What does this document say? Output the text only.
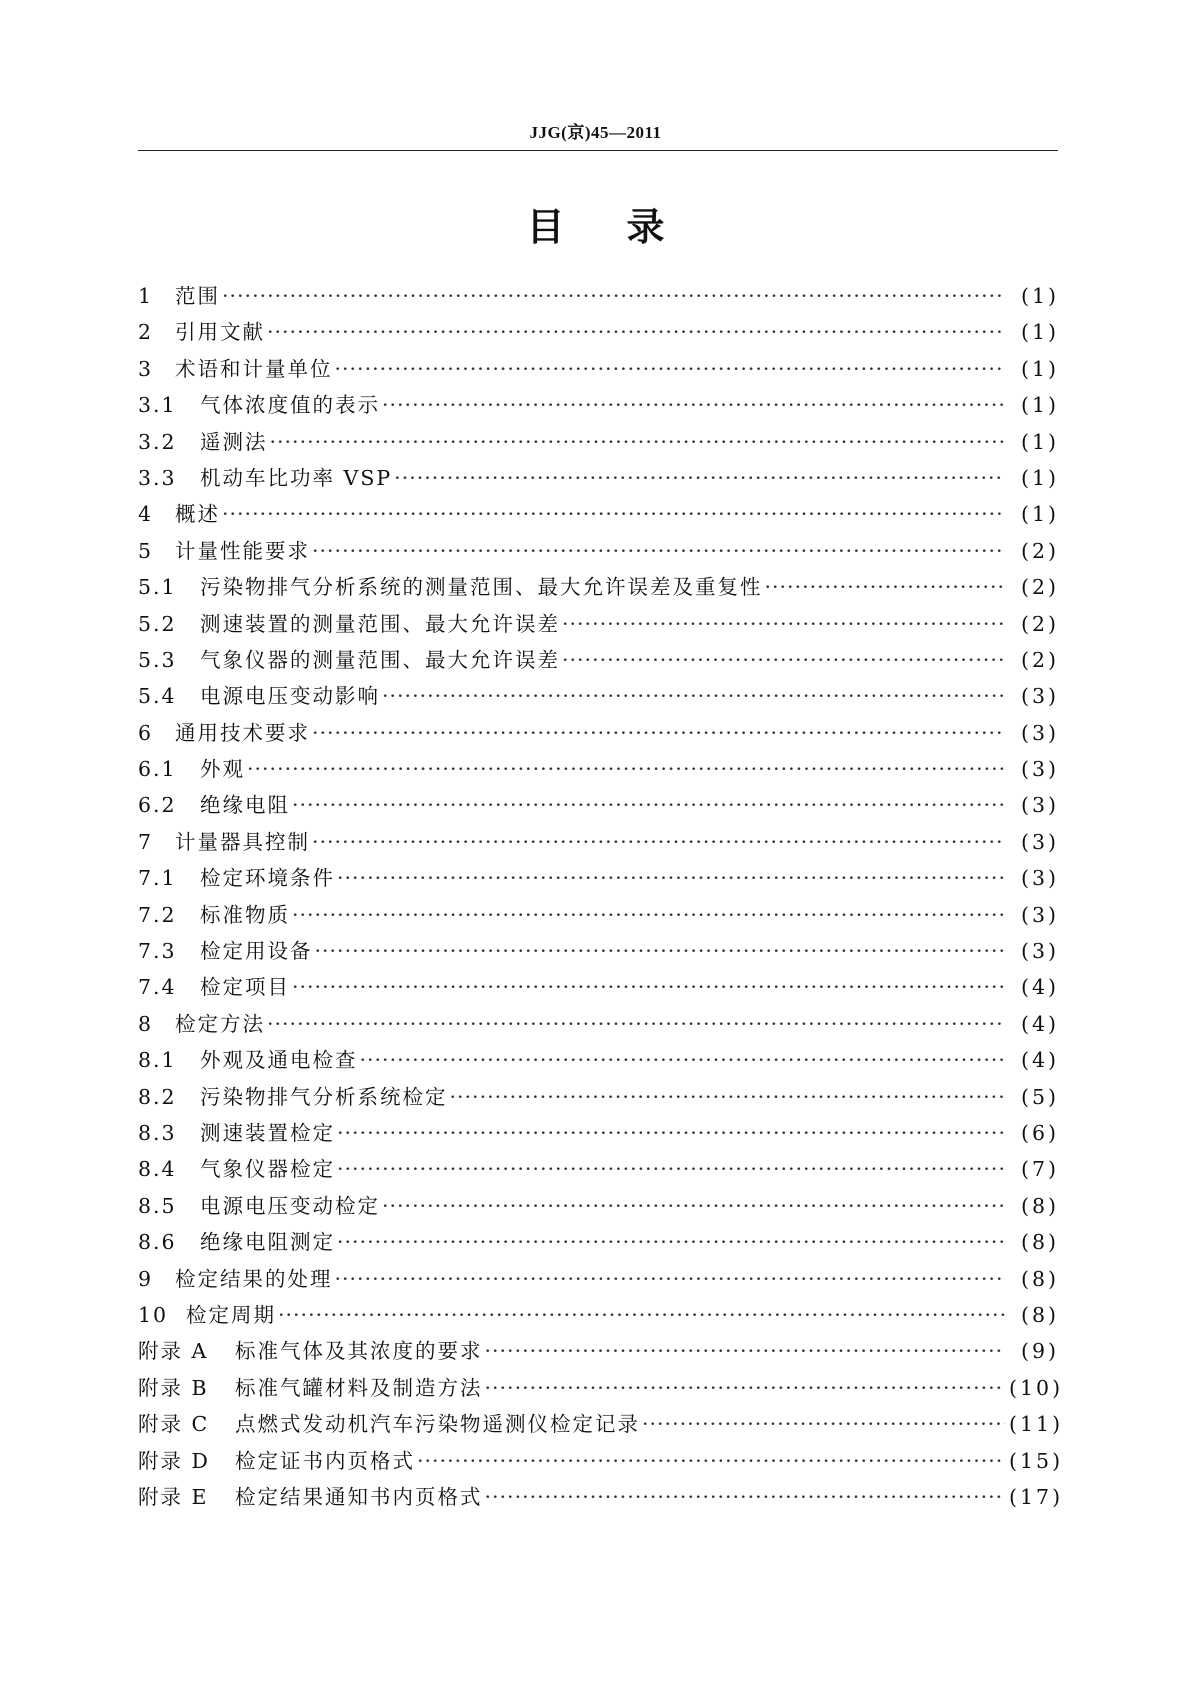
JJG(京)45—2011
目录
1	范围 ·····	(1)
2	引用文献 ·····	(1)
3	术语和计量单位 ·····	(1)
3.1	气体浓度值的表示 ·····	(1)
3.2	遥测法 ·····	(1)
3.3	机动车比功率 VSP ·····	(1)
4	概述 ·····	(1)
5	计量性能要求 ·····	(2)
5.1	污染物排气分析系统的测量范围、最大允许误差及重复性 ·····	(2)
5.2	测速装置的测量范围、最大允许误差 ·····	(2)
5.3	气象仪器的测量范围、最大允许误差 ·····	(2)
5.4	电源电压变动影响 ·····	(3)
6	通用技术要求 ·····	(3)
6.1	外观 ·····	(3)
6.2	绝缘电阻 ·····	(3)
7	计量器具控制 ·····	(3)
7.1	检定环境条件 ·····	(3)
7.2	标准物质 ·····	(3)
7.3	检定用设备 ·····	(3)
7.4	检定项目 ·····	(4)
8	检定方法 ·····	(4)
8.1	外观及通电检查 ·····	(4)
8.2	污染物排气分析系统检定 ·····	(5)
8.3	测速装置检定 ·····	(6)
8.4	气象仪器检定 ·····	(7)
8.5	电源电压变动检定 ·····	(8)
8.6	绝缘电阻测定 ·····	(8)
9	检定结果的处理 ·····	(8)
10 检定周期 ·····	(8)
附录 A	标准气体及其浓度的要求 ·····	(9)
附录 B	标准气罐材料及制造方法 ·····	(10)
附录 C	点燃式发动机汽车污染物遥测仪检定记录 ·····	(11)
附录 D	检定证书内页格式 ·····	(15)
附录 E	检定结果通知书内页格式 ·····	(17)
